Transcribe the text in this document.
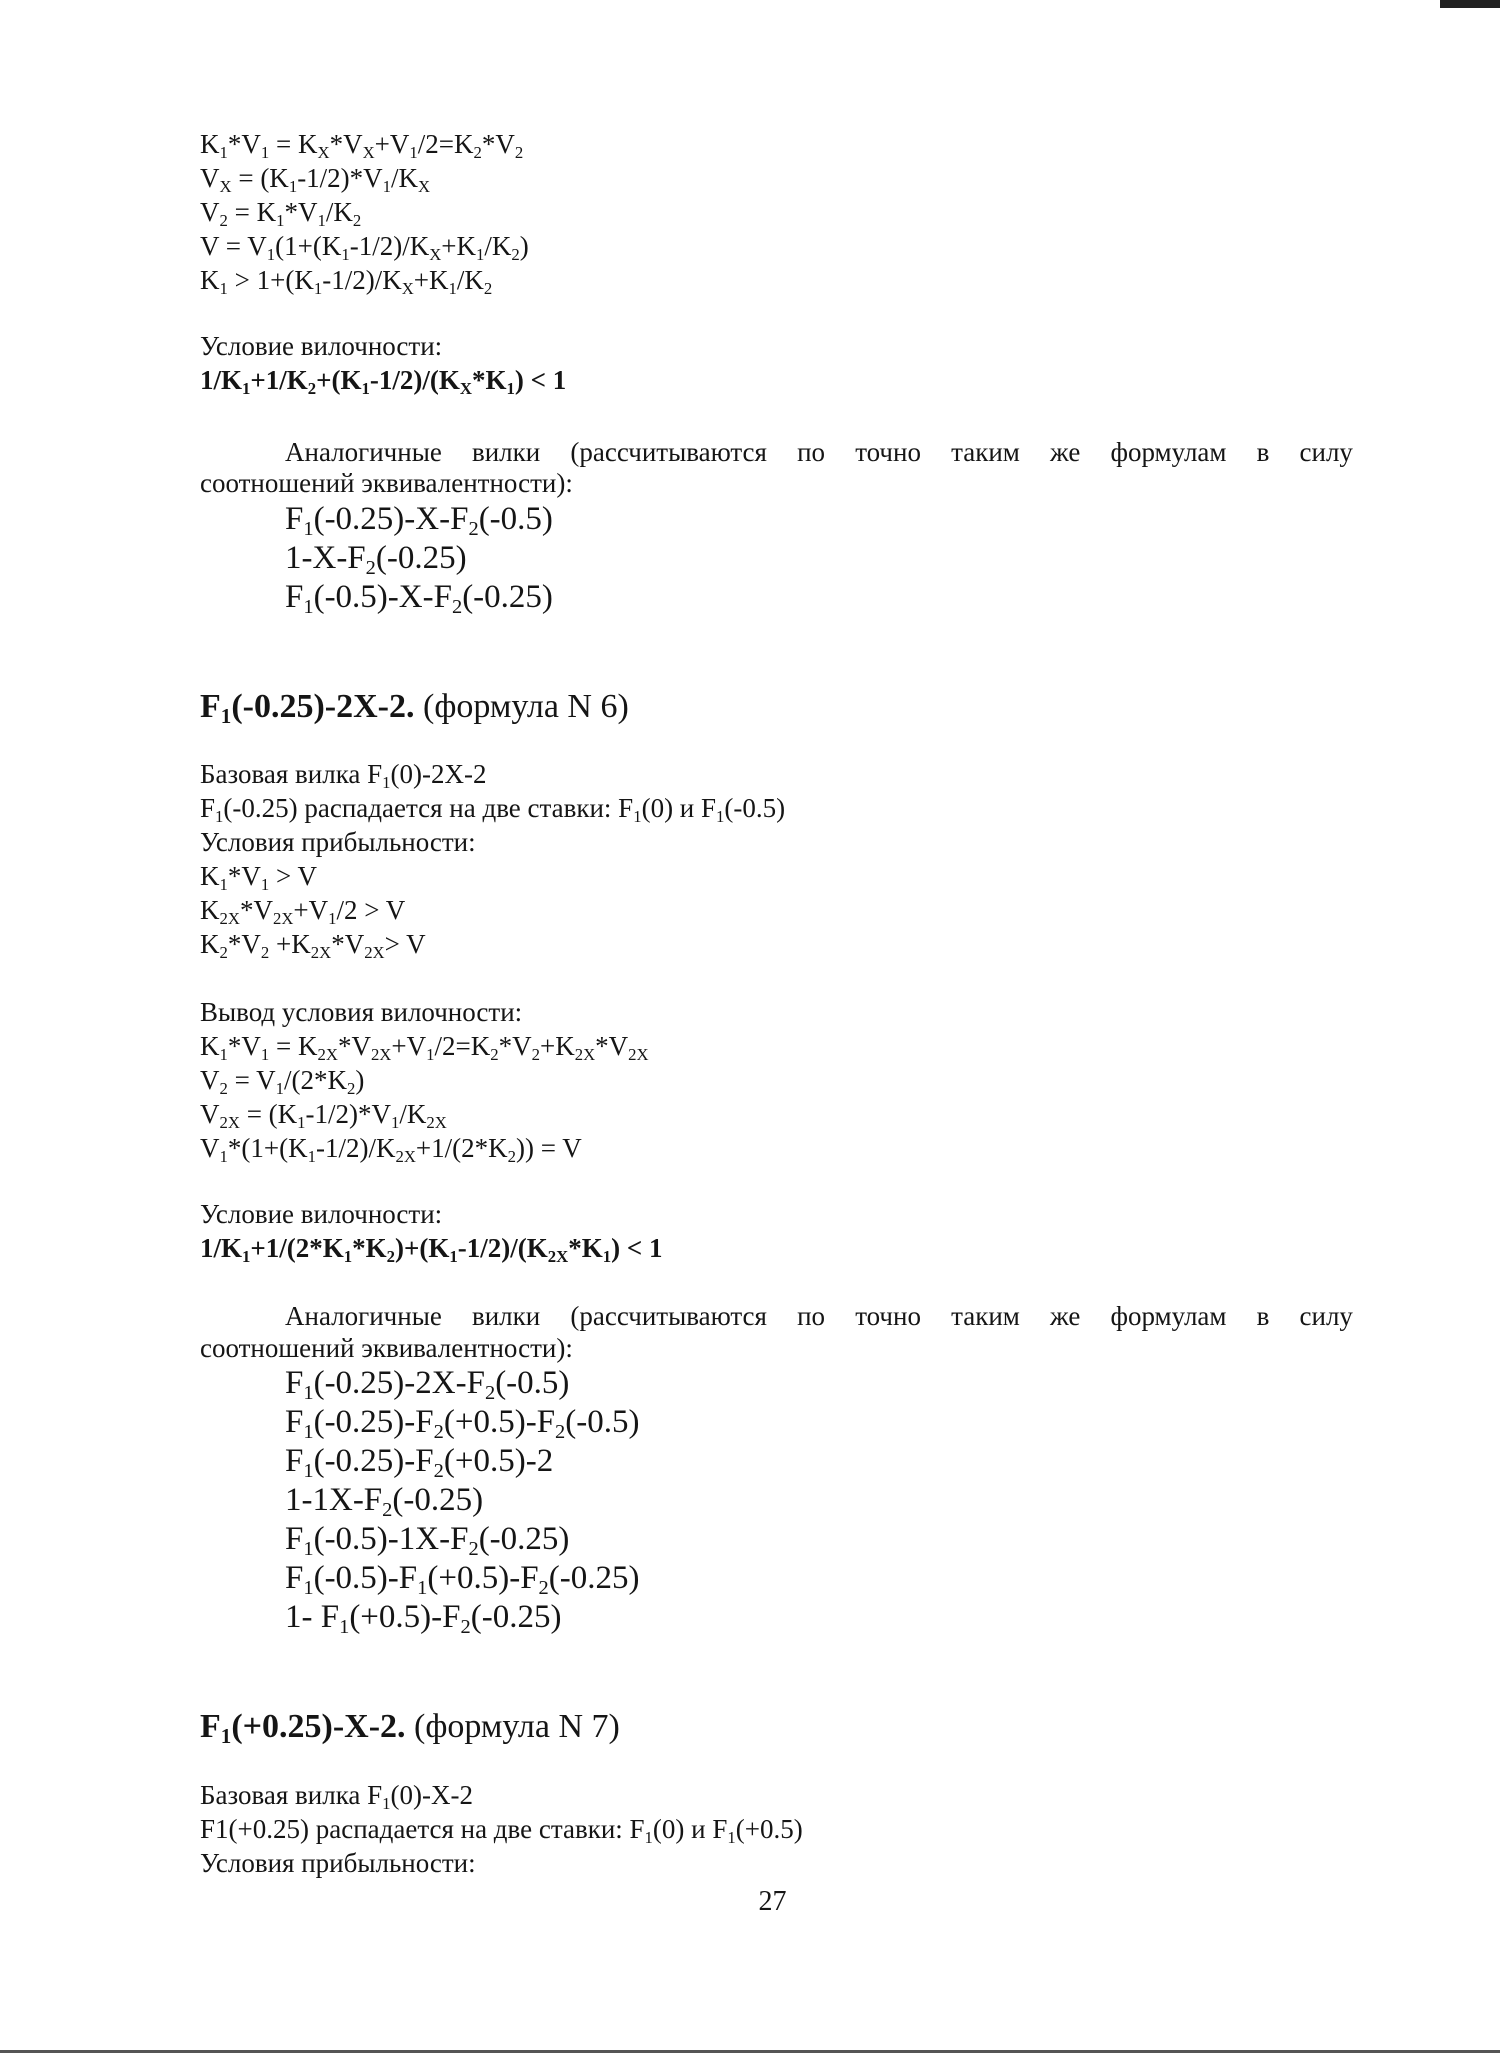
$K_1*V_1 = K_X*V_X+V_1/2=K_2*V_2$
$V_X = (K_1-1/2)*V_1/K_X$
$V_2 = K_1*V_1/K_2$
$V = V_1(1+(K_1-1/2)/K_X+K_1/K_2)$
$K_1 > 1+(K_1-1/2)/K_X+K_1/K_2$
Условие вилочности:
$1/K_1+1/K_2+(K_1-1/2)/(K_X*K_1) < 1$
Аналогичные вилки (рассчитываются по точно таким же формулам в силу
соотношений эквивалентности):
$F_1(-0.25)-X-F_2(-0.5)$
$1-X-F_2(-0.25)$
$F_1(-0.5)-X-F_2(-0.25)$
$F_1(-0.25)-2X-2$. (формула N 6)
Базовая вилка $F_1(0)-2X-2$
$F_1(-0.25)$ распадается на две ставки: $F_1(0)$ и $F_1(-0.5)$
Условия прибыльности:
$K_1*V_1 > V$
$K_{2X}*V_{2X}+V_1/2 > V$
$K_2*V_2 +K_{2X}*V_{2X}> V$
Вывод условия вилочности:
$K_1*V_1 = K_{2X}*V_{2X}+V_1/2=K_2*V_2+K_{2X}*V_{2X}$
$V_2 = V_1/(2*K_2)$
$V_{2X} = (K_1-1/2)*V_1/K_{2X}$
$V_1*(1+(K_1-1/2)/K_{2X}+1/(2*K_2)) = V$
Условие вилочности:
$1/K_1+1/(2*K_1*K_2)+(K_1-1/2)/(K_{2X}*K_1) < 1$
Аналогичные вилки (рассчитываются по точно таким же формулам в силу
соотношений эквивалентности):
$F_1(-0.25)-2X-F_2(-0.5)$
$F_1(-0.25)-F_2(+0.5)-F_2(-0.5)$
$F_1(-0.25)-F_2(+0.5)-2$
$1-1X-F_2(-0.25)$
$F_1(-0.5)-1X-F_2(-0.25)$
$F_1(-0.5)-F_1(+0.5)-F_2(-0.25)$
1- $F_1(+0.5)-F_2(-0.25)$
$F_1(+0.25)-X-2$. (формула N 7)
Базовая вилка $F_1(0)-X-2$
F1(+0.25) распадается на две ставки: $F_1(0)$ и $F_1(+0.5)$
Условия прибыльности:
27
